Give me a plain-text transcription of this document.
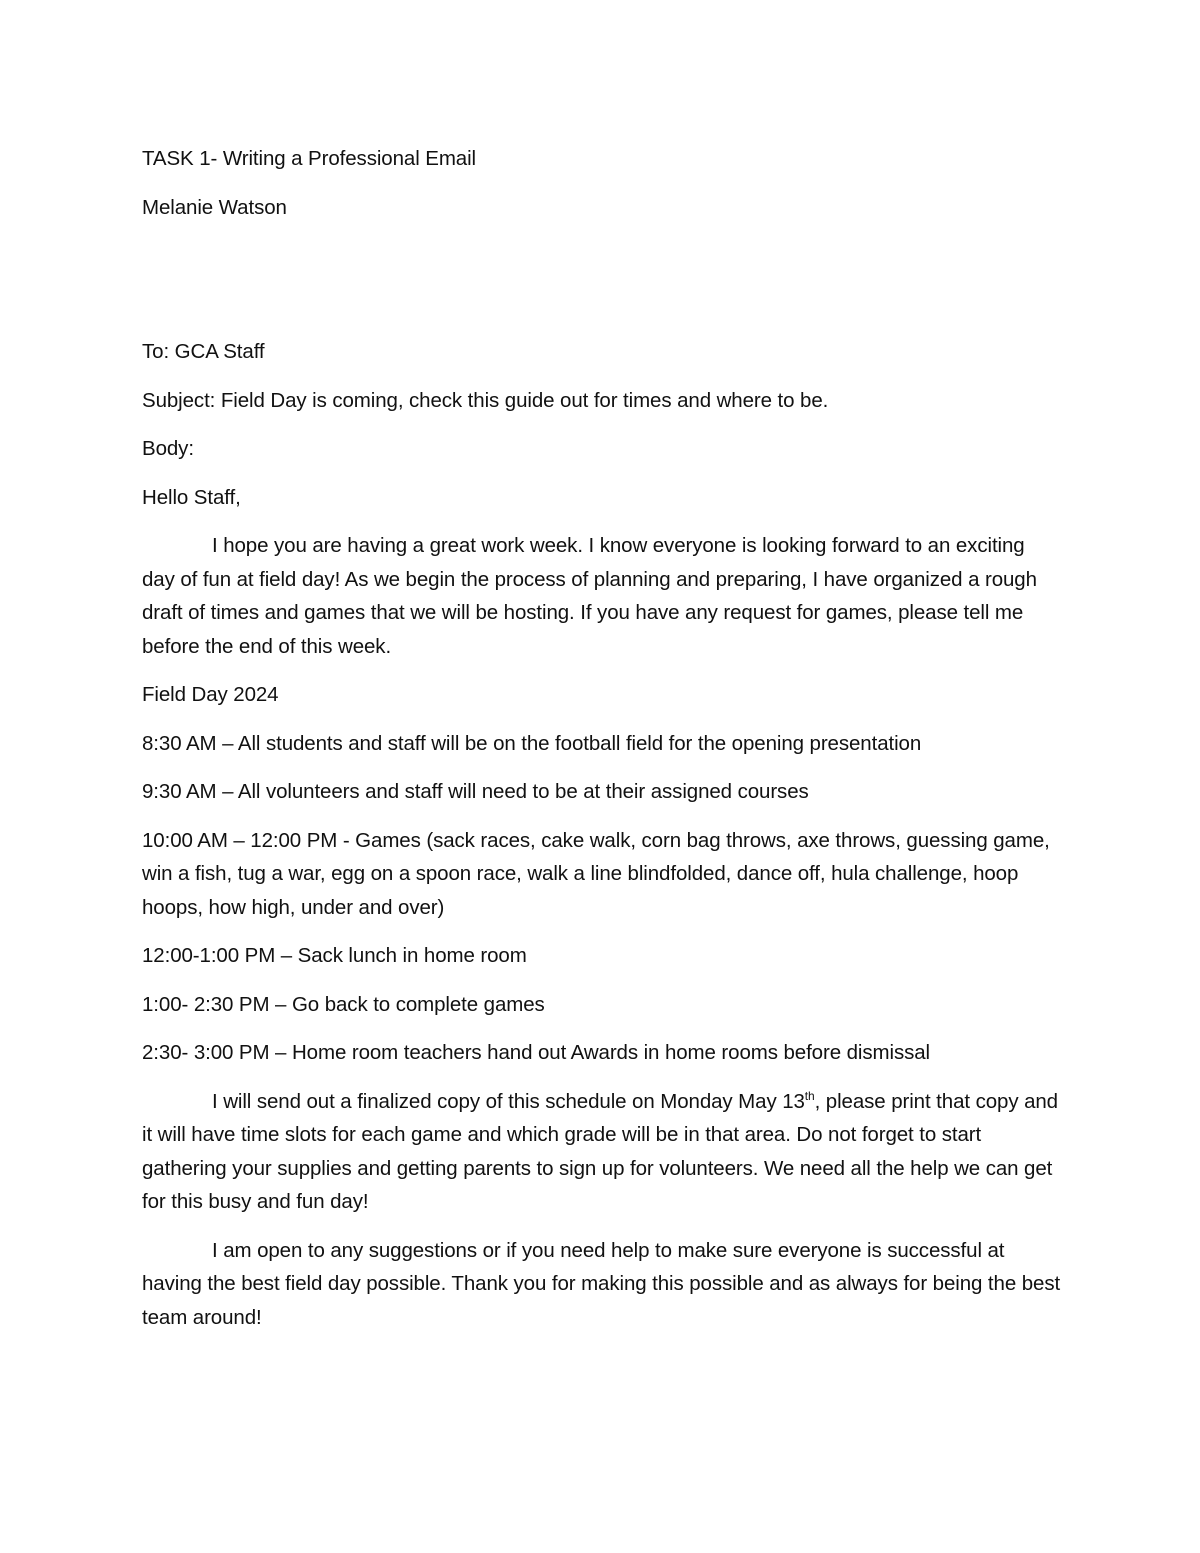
TASK 1- Writing a Professional Email

Melanie Watson

To: GCA Staff

Subject: Field Day is coming, check this guide out for times and where to be.

Body:

Hello Staff,

I hope you are having a great work week. I know everyone is looking forward to an exciting day of fun at field day! As we begin the process of planning and preparing, I have organized a rough draft of times and games that we will be hosting. If you have any request for games, please tell me before the end of this week.

Field Day 2024

8:30 AM – All students and staff will be on the football field for the opening presentation

9:30 AM – All volunteers and staff will need to be at their assigned courses

10:00 AM – 12:00 PM - Games (sack races, cake walk, corn bag throws, axe throws, guessing game, win a fish, tug a war, egg on a spoon race, walk a line blindfolded, dance off, hula challenge, hoop hoops, how high, under and over)

12:00-1:00 PM – Sack lunch in home room

1:00- 2:30 PM – Go back to complete games

2:30- 3:00 PM – Home room teachers hand out Awards in home rooms before dismissal

I will send out a finalized copy of this schedule on Monday May 13th, please print that copy and it will have time slots for each game and which grade will be in that area. Do not forget to start gathering your supplies and getting parents to sign up for volunteers. We need all the help we can get for this busy and fun day!

I am open to any suggestions or if you need help to make sure everyone is successful at having the best field day possible. Thank you for making this possible and as always for being the best team around!
